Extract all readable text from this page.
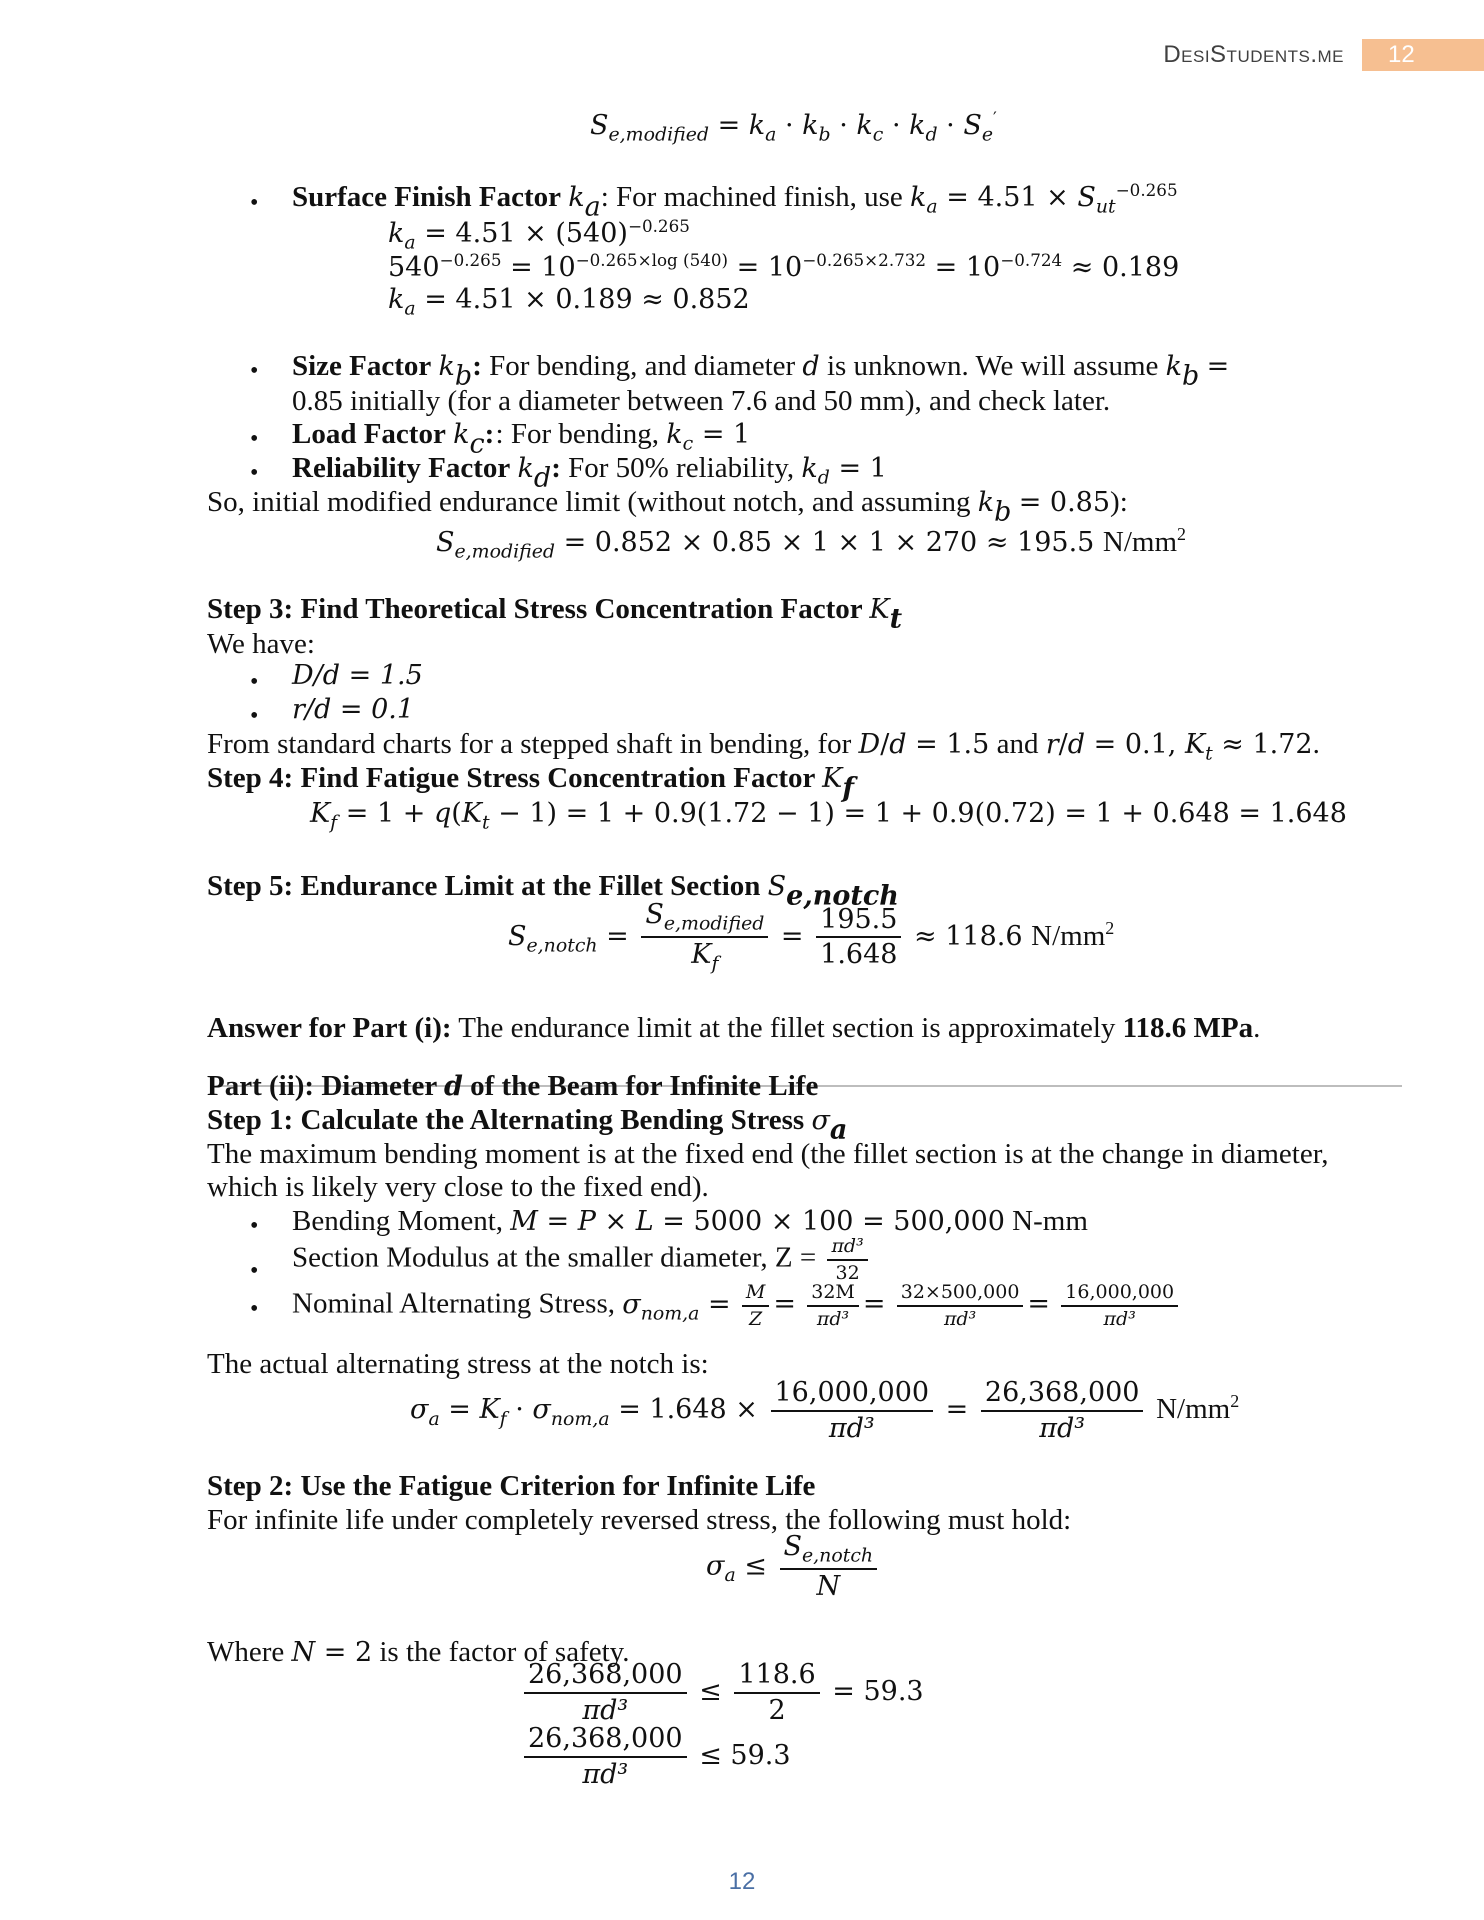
DesiStudents.me	12
$S_{e,modified} = k_a \cdot k_b \cdot k_c \cdot k_d \cdot S_e'$
• Surface Finish Factor $k_a$: For machined finish, use $k_a = 4.51 \times S_{ut}^{-0.265}$
$k_a = 4.51 \times (540)^{-0.265}$
$540^{-0.265} = 10^{-0.265\times log (540)} = 10^{-0.265\times 2.732} = 10^{-0.724} \approx 0.189$
$k_a = 4.51 \times 0.189 \approx 0.852$
• Size Factor $k_b$: For bending, and diameter d is unknown. We will assume $k_b$ =
0.85 initially (for a diameter between 7.6 and 50 mm), and check later.
• Load Factor $k_c$: : For bending, $k_c = 1$
• Reliability Factor $k_d$: For 50% reliability, $k_d = 1$
So, initial modified endurance limit (without notch, and assuming $k_b = 0.85$):
$S_{e,modified} = 0.852 \times 0.85 \times 1 \times 1 \times 270 \approx 195.5$ $N/mm^2$
Step 3: Find Theoretical Stress Concentration Factor $K_t$
We have:
• D/d = 1.5
• r/d = 0.1
From standard charts for a stepped shaft in bending, for D/d = 1.5 and r/d = 0.1, $K_t \approx 1.72$.
Step 4: Find Fatigue Stress Concentration Factor $K_f$
$K_f = 1 + q(K_t - 1) = 1 + 0.9(1.72 - 1) = 1 + 0.9(0.72) = 1 + 0.648 = 1.648$
Step 5: Endurance Limit at the Fillet Section $S_{e,notch}$
$S_{e,notch} = \frac{S_{e,modified}}{K_f} = \frac{195.5}{1.648} \approx 118.6$ $N/mm^2$
Answer for Part (i): The endurance limit at the fillet section is approximately 118.6 MPa.
Part (ii): Diameter d of the Beam for Infinite Life
Step 1: Calculate the Alternating Bending Stress $\sigma_a$
The maximum bending moment is at the fixed end (the fillet section is at the change in diameter,
which is likely very close to the fixed end).
• Bending Moment, M = P × L = 5000 × 100 = 500,000 N-mm
• Section Modulus at the smaller diameter, $Z = \frac{\text{πd³}}{32}$
• Nominal Alternating Stress, $\sigma_{nom,a} = \frac{M}{Z} = \frac{32M}{\text{πd³}} = \frac{32\times 500,000}{\text{πd³}} = \frac{16,000,000}{\text{πd³}}$
The actual alternating stress at the notch is:
$\sigma_a = K_f \cdot \sigma_{nom,a} = 1.648 \times \frac{16,000,000}{\text{πd³}} = \frac{26,368,000}{\text{πd³}} N/mm^2$
Step 2: Use the Fatigue Criterion for Infinite Life
For infinite life under completely reversed stress, the following must hold:
$\sigma_a \le \frac{S_{e,notch}}{N}$
Where N = 2 is the factor of safety.
$\frac{26,368,000}{\text{πd³}} \le \frac{118.6}{2} = 59.3$
$\frac{26,368,000}{\text{πd³}} \le 59.3$
12
